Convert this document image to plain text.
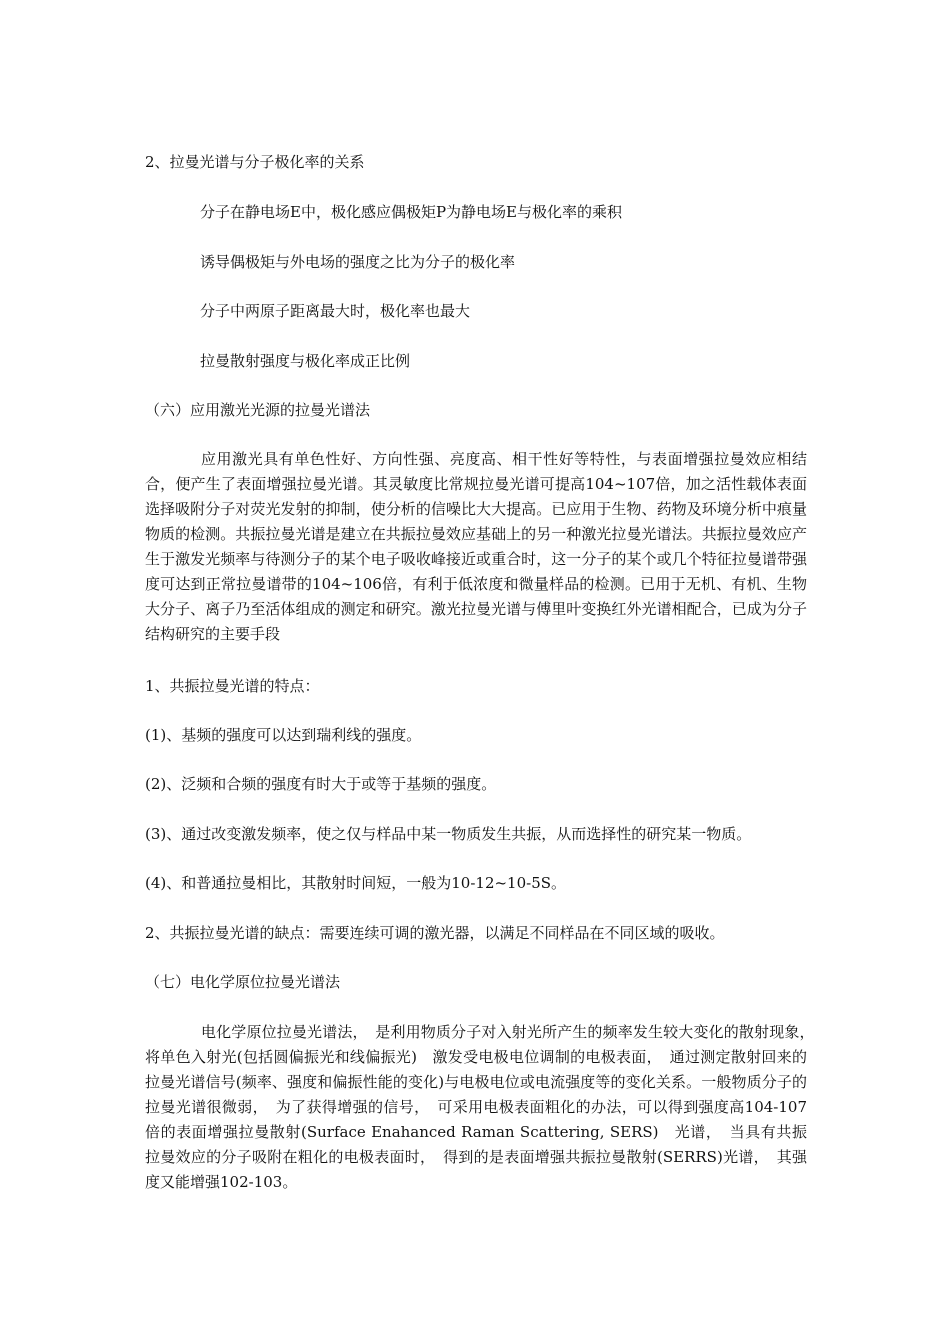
2、拉曼光谱与分子极化率的关系
分子在静电场E中，极化感应偶极矩P为静电场E与极化率的乘积
诱导偶极矩与外电场的强度之比为分子的极化率
分子中两原子距离最大时，极化率也最大
拉曼散射强度与极化率成正比例
（六）应用激光光源的拉曼光谱法

应用激光具有单色性好、方向性强、亮度高、相干性好等特性，与表面增强拉曼效应相结合，便产生了表面增强拉曼光谱。其灵敏度比常规拉曼光谱可提高104~107倍，加之活性载体表面选择吸附分子对荧光发射的抑制，使分析的信噪比大大提高。已应用于生物、药物及环境分析中痕量物质的检测。共振拉曼光谱是建立在共振拉曼效应基础上的另一种激光拉曼光谱法。共振拉曼效应产生于激发光频率与待测分子的某个电子吸收峰接近或重合时，这一分子的某个或几个特征拉曼谱带强度可达到正常拉曼谱带的104~106倍，有利于低浓度和微量样品的检测。已用于无机、有机、生物大分子、离子乃至活体组成的测定和研究。激光拉曼光谱与傅里叶变换红外光谱相配合，已成为分子结构研究的主要手段

1、共振拉曼光谱的特点：
(1)、基频的强度可以达到瑞利线的强度。
(2)、泛频和合频的强度有时大于或等于基频的强度。
(3)、通过改变激发频率，使之仅与样品中某一物质发生共振，从而选择性的研究某一物质。
(4)、和普通拉曼相比，其散射时间短，一般为10-12~10-5S。
2、共振拉曼光谱的缺点：需要连续可调的激光器，以满足不同样品在不同区域的吸收。
（七）电化学原位拉曼光谱法

电化学原位拉曼光谱法，　是利用物质分子对入射光所产生的频率发生较大变化的散射现象，　将单色入射光(包括圆偏振光和线偏振光)　激发受电极电位调制的电极表面，　通过测定散射回来的拉曼光谱信号(频率、强度和偏振性能的变化)与电极电位或电流强度等的变化关系。一般物质分子的拉曼光谱很微弱，　为了获得增强的信号，　可采用电极表面粗化的办法，可以得到强度高104-107倍的表面增强拉曼散射(Surface Enahanced Raman Scattering, SERS)　光谱，　当具有共振拉曼效应的分子吸附在粗化的电极表面时，　得到的是表面增强共振拉曼散射(SERRS)光谱，　其强度又能增强102-103。
